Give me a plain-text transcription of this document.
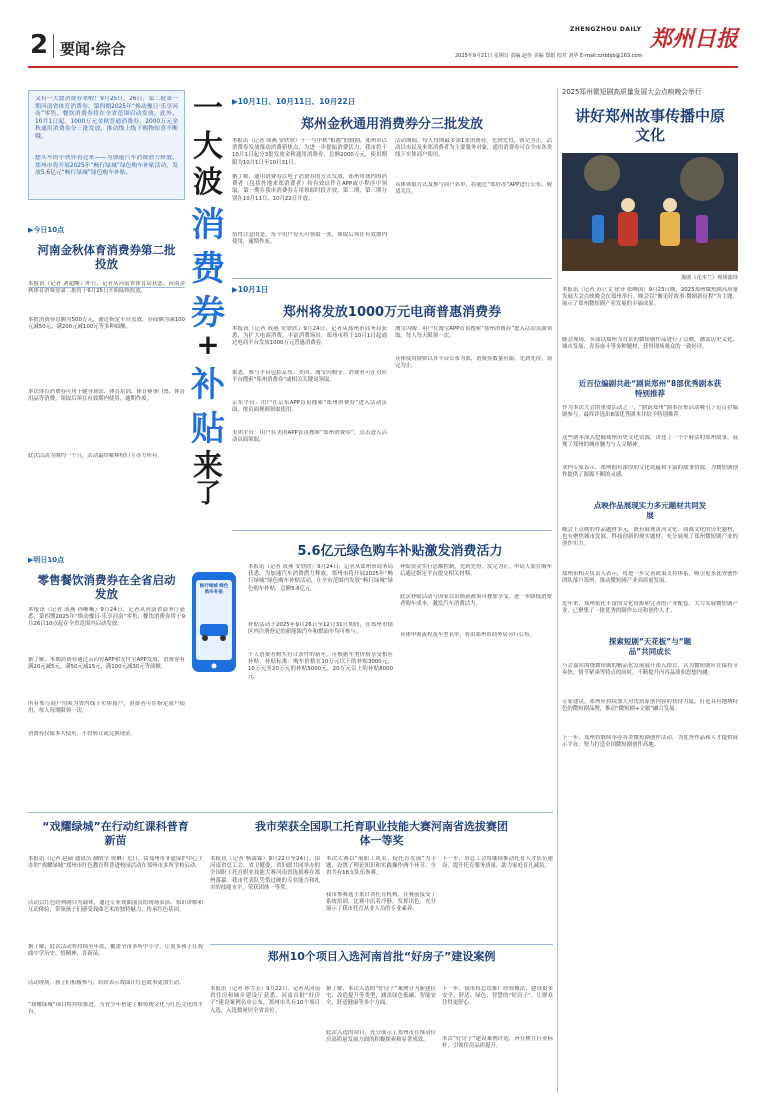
2 要闻·综合
ZHENGZHOU DAILY 郑州日报
2025年9月21日 星期日 责编 赵佳 美编 郑娟 校对 刘华 E-mail:zzrbbjb@163.com
又有一大波消费券来啦！9月25日、26日，第二批第一期河南省体育消费券、第四期2025年“焕动豫日·乐享河南”零售、餐饮消费券将在全省范围启动发放。此外，10月1日起，1000万元金秋普通消费券，2000万元金秋通用消费券分三批发放，推动线上线下购物惊喜不断哦。
想买车的小伙伴看过来——为加速汽车消费潜力释放，郑州市将开展2025年“畅行绿城”绿色购车补贴活动，发放5.6亿元“畅行绿城”绿色购车补贴。
一
大
波
消
费
券
+
补
贴
来
了
▶今日10点
河南金秋体育消费券第二批投放
本报讯（记者 刘超峰）昨日，记者从河南省体育局获悉，河南金秋体育消费券第二批将于9月25日开始陆续投放。
本批消费券总额为500万元，通过指定平台发放，券面额为满100元减50元、满200元减100元等多种面额。
本次体育消费券可用于健身场馆、体育培训、体育赛事门票、体育用品等消费。领取后须在有效期内使用，逾期作废。
此次活动为期约一个月，活动最终解释权归主办方所有。
▶明日10点
零售餐饮消费券在全省启动发放
本报讯（记者 成燕 孙晰晰）9月24日，记者从河南省商务厅获悉，第四期2025年“焕动豫日·乐享河南”零售、餐饮消费券将于9月26日10点起在全省范围内启动发放。
据了解，本期消费券通过云闪付APP和支付宝APP发放，消费券有满20元减5元、满50元减15元、满100元减30元等面额。
所有参与商户均须为省内线下实体商户，消费者可在指定商户使用，每人每期限领一次。
消费券仅限本人使用，不得转让或兑换现金。
▶10月1日、10月11日、10月22日
郑州金秋通用消费券分三批发放
本报讯（记者 成燕 安欣欣）十一与中秋“相遇”的假期，郑州市以消费券发放推动消费新热点，为进一步提振消费活力，我市将于10月1日起分3批发放金秋通用消费券，总额2000万元，使用期限为10月1日至10月31日。
据了解，通用消费券以电子消费券的方式发放，郑州市域内的消费者（包括外地来郑消费者）持有效证件在APP或小程序中领取，第一期在我市消费券专用领取时段开放，第二期、第三期分别在10月11日、10月22日开放。
值得注意的是，每个用户每天可领取一张，领取后须在有效期内使用，逾期作废。
活动期间，每人每期最多领1张消费券，先到先得，领完为止。活动以市民及来郑消费者为主要服务对象，通用消费券可在全市各类线下实体商户使用。
具体领取方式及参与商户名单，将通过“郑好办”APP进行公布，敬请关注。
▶10月1日
郑州将发放1000万元电商普惠消费券
本报讯（记者 成燕 安欣欣）9月24日，记者从郑州市商务局获悉，为扩大电商消费，丰富消费场景，郑州市将于10月1日起通过电商平台发放1000万元普惠消费券。
据悉，参与平台包括京东、美团、淘宝闪购等。消费者可在对应平台搜索“郑州消费券”或相关关键词领取。
京东平台：用户在京东APP首页搜索“郑州消费券”进入活动页面，按页面规则领取使用。
美团平台：用户在美团APP首页搜索“郑州消费券”，点击进入活动页面领取。
淘宝闪购：用户在淘宝APP首页搜索“郑州消费券”进入活动页面领取，每人每天限领一次。
具体使用规则以各平台公布为准，消费券数量有限，先到先得，领完为止。
5.6亿元绿色购车补贴激发消费活力
畅行绿城 绿色购车补贴
本报讯（记者 成燕 安欣欣）9月24日，记者从郑州市商务局获悉，为加速汽车消费潜力释放，郑州市将开展2025年“畅行绿城”绿色购车补贴活动，在全市范围内发放“畅行绿城”绿色购车补贴，总额5.6亿元。
补贴活动于2025年9月26日至12月31日期间，在郑州市辖区内注册登记的新能源汽车和燃油车均可参与。
个人消费者购买符合条件的新车，可根据车型价格享受相应补贴。补贴标准：购车价格在10万元以下的补贴3000元，10万元至20万元的补贴5000元，20万元以上的补贴8000元。
补贴资金实行总额控制，先到先得，发完为止。申请人需在购车后通过指定平台提交相关材料。
此次补贴活动与国家以旧换新政策可叠加享受，进一步降低消费者购车成本，激发汽车消费活力。
具体申领流程及车型名单，将由郑州市商务局另行公布。
“戏耀绿城”在行动红课科普育新苗
本报讯（记者 赵硕 通讯员 谢晴莹 侯琳）近日，由郑州市非遗保护中心主办的“戏耀绿城”郑州市红色教育科普进校园活动在郑州市多所学校启动。
活动以红色经典剧目为载体，通过专业戏曲演员的现场表演、知识讲解和互动体验，带领孩子们感受戏曲艺术的独特魅力，传承红色基因。
据了解，此次活动将持续至年底，覆盖全市多所中小学，让更多孩子在戏曲中学历史、悟精神、育新苗。
活动现场，孩子们积极参与，纷纷表示戏曲让红色故事更加生动。
“戏耀绿城”项目将持续推进，为青少年搭建了解传统文化与红色文化的平台。
我市荣获全国职工托育职业技能大赛河南省选拔赛团体一等奖
本报讯（记者 杨霖霖）9月22日至24日，由河南省总工会、省卫健委、省妇联共同举办的全国职工托育职业技能大赛河南省选拔赛在郑州落幕。我市代表队凭借过硬的专业能力和扎实的技能水平，荣获团体一等奖。
本次大赛以“展职工风采、促托育发展”为主题，设置了理论知识和实践操作两个环节，全省共有18支队伍参赛。
我市参赛选手来自各托育机构，在赛前接受了系统培训，比赛中沉着冷静，发挥出色，充分展示了我市托育从业人员的专业素养。
下一步，市总工会将继续推动托育人才队伍建设，提升托育服务质量，助力家庭育儿减负。
郑州10个项目入选河南首批“好房子”建设案例
本报讯（记者 孙雪芳）9月22日，记者从河南省住房和城乡建设厅获悉，河南首批“好房子”建设案例名单公布，郑州市共有10个项目入选，入选数量居全省首位。
据了解，本次入选的“好房子”案例分为新建住宅、改造提升等类型，涵盖绿色低碳、智能安全、舒适健康等多个方面。
此次入选的项目，充分展示了郑州市在推动住房高质量发展方面的积极探索和显著成效。
下一步，我市将总结推广经验做法，建设更多安全、舒适、绿色、智慧的“好房子”，让群众住得更舒心。
本次“好房子”建设案例评选，旨在树立行业标杆，引领住房品质提升。
2025郑州微短剧高质量发展大会点映晚会举行
讲好郑州故事传播中原文化
豫剧《花木兰》现场演绎
本报讯（记者 苏立文 徐菲 张峰国）9月23日晚，2025郑州微短剧高质量发展大会点映晚会在郑州举行。晚会以“豫见好故事·微剧新征程”为主题，展示了郑州微短剧产业发展的丰硕成果。
晚会现场，多部以郑州为背景的微短剧作品进行了点映，涵盖历史文化、城市发展、青春奋斗等多种题材，获得现场观众的一致好评。
近百位编剧共赴“剧说郑州”8部优秀剧本获特别推荐
作为本次大会的重要活动之一，“剧说郑州”剧本征集活动吸引了近百位编剧参与，最终评选出8部优秀剧本并给予特别推荐。
这些剧本深入挖掘郑州历史文化资源，讲述了一个个鲜活的郑州故事，展现了郑州的城市魅力与人文精神。
业内专家表示，郑州拥有深厚的文化底蕴和丰富的故事资源，为微短剧创作提供了源源不断的灵感。
点映作品展现实力多元题材共同发展
晚会上点映的作品题材多元，既有展现黄河文化、商都文化的历史题材，也有聚焦城市发展、科技创新的现实题材，充分展现了郑州微短剧产业的创作实力。
郑州市相关负责人表示，将进一步完善政策支持体系，吸引更多优秀创作团队落户郑州，推动微短剧产业高质量发展。
近年来，郑州依托丰富的文化资源和完善的产业配套，大力发展微短剧产业，已聚集了一批优秀的制作公司和创作人才。
探索短剧“天花板”与“题品”共同成长
与会嘉宾围绕微短剧的精品化发展展开深入探讨，认为微短剧应在保持节奏快、情节紧凑等特点的同时，不断提升内容品质和思想内涵。
专家建议，郑州应持续加大对优质原创内容的扶持力度，打造具有地域特色的微短剧品牌，推动“微短剧+文旅”融合发展。
下一步，郑州将继续举办各类微短剧创作活动，为优秀作品和人才提供展示平台，努力打造全国微短剧创作高地。
